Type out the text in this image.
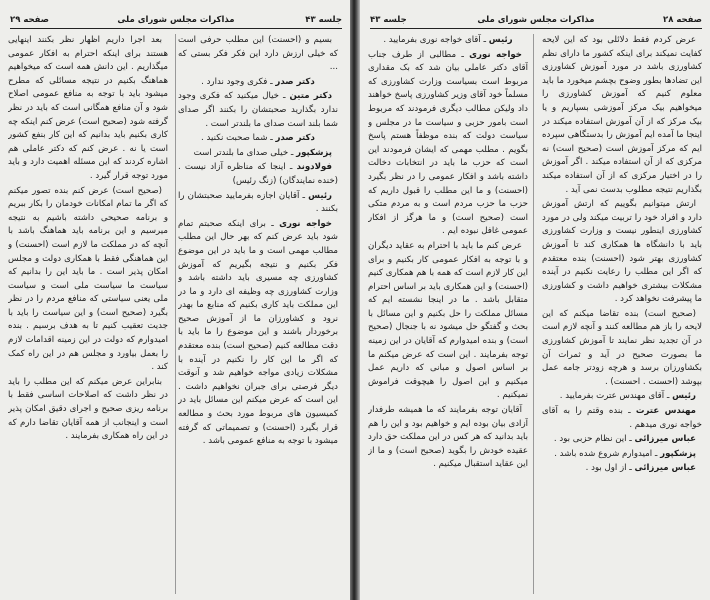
جلسه ۴۳
مذاکرات مجلس شورای ملی
صفحه ۲۹

بسیم و (احسنت) این مطلب حرفی است که خیلی ارزش دارد این فکر فکر بستی که ...

دکتر صدر ـ فکری وجود ندارد .

دکتر متین ـ خیال میکنید که فکری وجود ندارد بگذارید صحبتشان را بکنند اگر صدای شما بلند است صدای ما بلندتر است .

دکتر صدر ـ شما صحبت نکنید .

پزشکپور ـ خیلی صدای ما بلندتر است

فولادوند ـ اینجا که مناظره آزاد نیست . (خنده نمایندگان) (زنگ رئیس)

رئیس ـ آقایان اجازه بفرمایید صحبتشان را بکنند .

خواجه نوری ـ برای اینکه صحبتم تمام شود باید عرض کنم که بهر حال این مطلب مطالب مهمی است و ما باید در این موضوع فکر بکنیم و نتیجه بگیریم که آموزش کشاورزی چه مسیری باید داشته باشد و وزارت کشاورزی چه وظیفه ای دارد و ما در این مملکت باید کاری بکنیم که منابع ما بهدر نرود و کشاورزان ما از آموزش صحیح برخوردار باشند و این موضوع را ما باید با دقت مطالعه کنیم (صحیح است) بنده معتقدم که اگر ما این کار را نکنیم در آینده با مشکلات زیادی مواجه خواهیم شد و آنوقت دیگر فرصتی برای جبران نخواهیم داشت . این است که عرض میکنم این مسائل باید در کمیسیون های مربوط مورد بحث و مطالعه قرار بگیرد (احسنت) و تصمیماتی که گرفته میشود با توجه به منافع عمومی باشد .

بعد اجرا داریم اظهار نظر بکنند اینهایی هستند برای اینکه احترام به افکار عمومی میگذاریم . این دانش همه است که میخواهیم هماهنگ بکنیم در نتیجه مسائلی که مطرح میشود باید با توجه به منافع عمومی اصلاح شود و آن منافع همگانی است که باید در نظر گرفته شود (صحیح است) عرض کنم اینکه چه کاری بکنیم باید بدانیم که این کار بنفع کشور است یا نه . عرض کنم که دکتر عاملی هم اشاره کردند که این مسئله اهمیت دارد و باید مورد توجه قرار گیرد .

(صحیح است) عرض کنم بنده تصور میکنم که اگر ما تمام امکانات خودمان را بکار ببریم و برنامه صحیحی داشته باشیم به نتیجه میرسیم و این برنامه باید هماهنگ باشد با آنچه که در مملکت ما لازم است (احسنت) و این هماهنگی فقط با همکاری دولت و مجلس امکان پذیر است . ما باید این را بدانیم که سیاست ما سیاست ملی است و سیاست ملی یعنی سیاستی که منافع مردم را در نظر بگیرد (صحیح است) و این سیاست را باید با جدیت تعقیب کنیم تا به هدف برسیم . بنده امیدوارم که دولت در این زمینه اقدامات لازم را بعمل بیاورد و مجلس هم در این راه کمک کند .

بنابراین عرض میکنم که این مطلب را باید در نظر داشت که اصلاحات اساسی فقط با برنامه ریزی صحیح و اجرای دقیق امکان پذیر است و اینجانب از همه آقایان تقاضا دارم که در این راه همکاری بفرمایند .

صفحه ۲۸
مذاکرات مجلس شورای ملی
جلسه ۴۳

رئیس ـ آقای خواجه نوری بفرمایید .

خواجه نوری ـ مطالبی از طرف جناب آقای دکتر عاملی بیان شد که بک مقداری مربوط است بسیاست وزارت کشاورزی که مسلماً خود آقای وزیر کشاورزی پاسخ خواهند داد ولیکن مطالب دیگری فرمودند که مربوط است بامور حزبی و سیاست ما در مجلس و سیاست دولت که بنده موظفاً هستم پاسخ بگویم . مطلب مهمی که ایشان فرمودند این است که حزب ما باید در انتخابات دخالت داشته باشد و افکار عمومی را در نظر بگیرد (احسنت) و ما این مطلب را قبول داریم که حزب ما حزب مردم است و به مردم متکی است (صحیح است) و ما هرگز از افکار عمومی غافل نبوده ایم .

عرض کنم ما باید با احترام به عقاید دیگران و با توجه به افکار عمومی کار بکنیم و برای این کار لازم است که همه با هم همکاری کنیم (احسنت) و این همکاری باید بر اساس احترام متقابل باشد . ما در اینجا نشسته ایم که مسائل مملکت را حل بکنیم و این مسائل با بحث و گفتگو حل میشود نه با جنجال (صحیح است) و بنده امیدوارم که آقایان در این زمینه توجه بفرمایند . این است که عرض میکنم ما بر اساس اصول و مبانی که داریم عمل میکنیم و این اصول را هیچوقت فراموش نمیکنیم .

آقایان توجه بفرمایند که ما همیشه طرفدار آزادی بیان بوده ایم و خواهیم بود و این را هم باید بدانید که هر کس در این مملکت حق دارد عقیده خودش را بگوید (صحیح است) و ما از این عقاید استقبال میکنیم .

عرض کردم فقط دلائلی بود که این لایحه کفایت نمیکند برای اینکه کشور ما دارای نظم کشاورزی باشد در مورد آموزش کشاورزی این تضادها بطور وضوح بچشم میخورد ما باید معلوم کنیم که آموزش کشاورزی را میخواهیم بیک مرکز آموزشی بسپاریم و یا بیک مرکز که از آن آموزش استفاده میکند در اینجا ما آمده ایم آموزش را بدستگاهی سپرده ایم که مرکز آموزش است (صحیح است) نه مرکزی که از آن استفاده میکند . اگر آموزش را در اختیار مرکزی که از آن استفاده میکند بگذاریم نتیجه مطلوب بدست نمی آید .

ارتش میتوانیم بگوییم که ارتش آموزش دارد و افراد خود را تربیت میکند ولی در مورد کشاورزی اینطور نیست و وزارت کشاورزی باید با دانشگاه ها همکاری کند تا آموزش کشاورزی بهتر شود (احسنت) بنده معتقدم که اگر این مطلب را رعایت نکنیم در آینده مشکلات بیشتری خواهیم داشت و کشاورزی ما پیشرفت نخواهد کرد .

(صحیح است) بنده تقاضا میکنم که این لایحه را باز هم مطالعه کنند و آنچه لازم است در آن تجدید نظر نمایند تا آموزش کشاورزی ما بصورت صحیح در آید و ثمرات آن بکشاورزان برسد و هرچه زودتر جامه عمل بپوشد (احسنت . احسنت) .

رئیس ـ آقای مهندس عترت بفرمایید .

مهندس عترت ـ بنده وقتم را به آقای خواجه نوری میدهم .

عباس میرزائی ـ این نظام حزبی بود .

پزشکپور ـ امیدوارم شروع شده باشد .

عباس میرزائی ـ از اول بود .
